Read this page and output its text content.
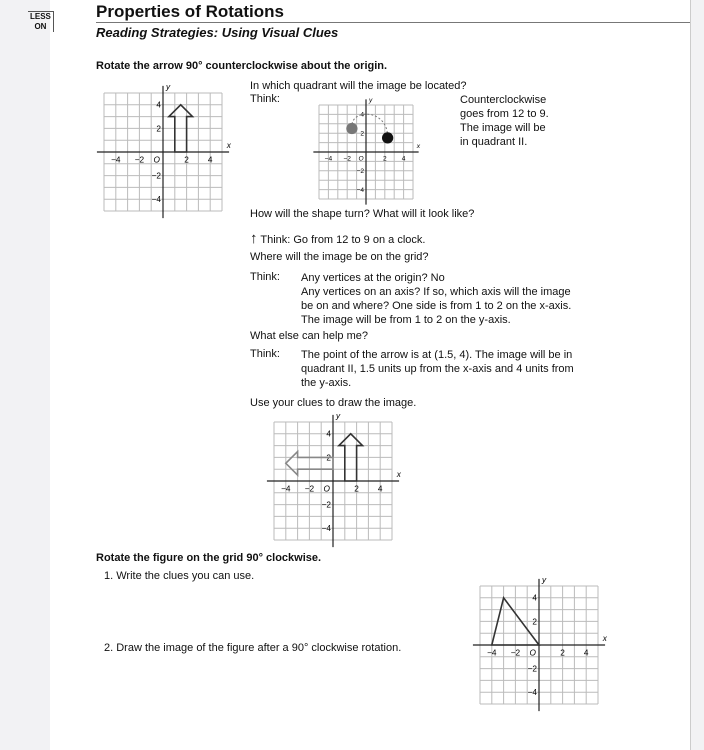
LESS
ON
Properties of Rotations
Reading Strategies: Using Visual Clues
Rotate the arrow 90° counterclockwise about the origin.
In which quadrant will the image be located?
Think:	Counterclockwise
goes from 12 to 9.
The image will be
in quadrant II.
How will the shape turn? What will it look like?
↑ Think: Go from 12 to 9 on a clock.
Where will the image be on the grid?
Think: Any vertices at the origin? No
Any vertices on an axis? If so, which axis will the image
be on and where? One side is from 1 to 2 on the x-axis.
The image will be from 1 to 2 on the y-axis.
What else can help me?
Think: The point of the arrow is at (1.5, 4). The image will be in
quadrant II, 1.5 units up from the x-axis and 4 units from
the y-axis.
Use your clues to draw the image.
Rotate the figure on the grid 90° clockwise.
1. Write the clues you can use.
2. Draw the image of the figure after a 90° clockwise rotation.
x
y
O
−4
−4
−2
−2
2
2
4
4
x
y
O
−4
−4
−2
−2
2
2
4
4
x
y
O
−4
−4
−2
−2
2
2
4
4
x
y
O
−4
−4
−2
−2
2
2
4
4
